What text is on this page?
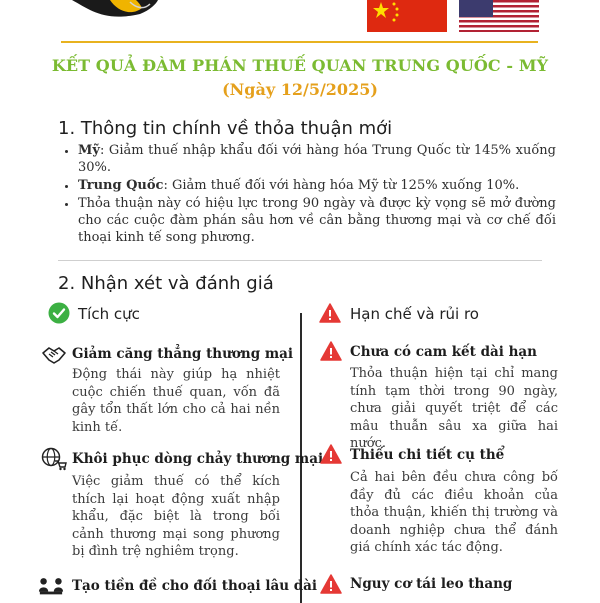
KẾT QUẢ ĐÀM PHÁN THUẾ QUAN TRUNG QUỐC - MỸ
(Ngày 12/5/2025)
1. Thông tin chính về thỏa thuận mới
• Mỹ: Giảm thuế nhập khẩu đối với hàng hóa Trung Quốc từ 145% xuống 30%.
• Trung Quốc: Giảm thuế đối với hàng hóa Mỹ từ 125% xuống 10%.
• Thỏa thuận này có hiệu lực trong 90 ngày và được kỳ vọng sẽ mở đường cho các cuộc đàm phán sâu hơn về cân bằng thương mại và cơ chế đối thoại kinh tế song phương.
2. Nhận xét và đánh giá
Tích cực	Hạn chế và rủi ro
Giảm căng thẳng thương mại
Động thái này giúp hạ nhiệt cuộc chiến thuế quan, vốn đã gây tổn thất lớn cho cả hai nền kinh tế.
Khôi phục dòng chảy thương mại
Việc giảm thuế có thể kích thích lại hoạt động xuất nhập khẩu, đặc biệt là trong bối cảnh thương mại song phương bị đình trệ nghiêm trọng.
Tạo tiền đề cho đối thoại lâu dài
Chưa có cam kết dài hạn
Thỏa thuận hiện tại chỉ mang tính tạm thời trong 90 ngày, chưa giải quyết triệt để các mâu thuẫn sâu xa giữa hai nước.
Thiếu chi tiết cụ thể
Cả hai bên đều chưa công bố đầy đủ các điều khoản của thỏa thuận, khiến thị trường và doanh nghiệp chưa thể đánh giá chính xác tác động.
Nguy cơ tái leo thang
